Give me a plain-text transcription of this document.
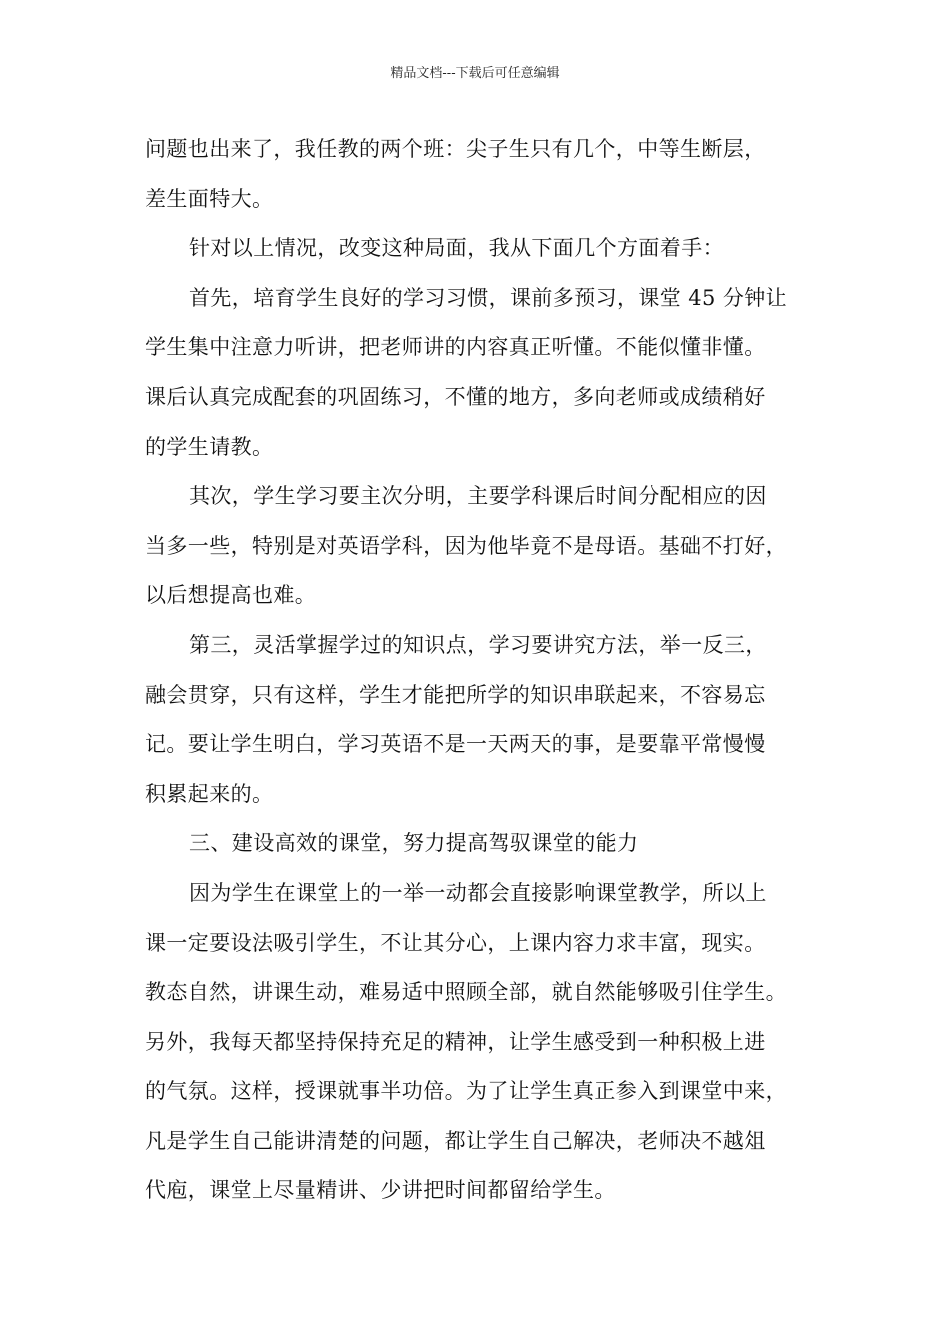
精品文档---下载后可任意编辑
问题也出来了，我任教的两个班：尖子生只有几个，中等生断层，
差生面特大。
针对以上情况，改变这种局面，我从下面几个方面着手：
首先，培育学生良好的学习习惯，课前多预习，课堂 45 分钟让
学生集中注意力听讲，把老师讲的内容真正听懂。不能似懂非懂。
课后认真完成配套的巩固练习，不懂的地方，多向老师或成绩稍好
的学生请教。
其次，学生学习要主次分明，主要学科课后时间分配相应的因
当多一些，特别是对英语学科，因为他毕竟不是母语。基础不打好，
以后想提高也难。
第三，灵活掌握学过的知识点，学习要讲究方法，举一反三，
融会贯穿，只有这样，学生才能把所学的知识串联起来，不容易忘
记。要让学生明白，学习英语不是一天两天的事，是要靠平常慢慢
积累起来的。
三、建设高效的课堂，努力提高驾驭课堂的能力
因为学生在课堂上的一举一动都会直接影响课堂教学，所以上
课一定要设法吸引学生，不让其分心，上课内容力求丰富，现实。
教态自然，讲课生动，难易适中照顾全部，就自然能够吸引住学生。
另外，我每天都坚持保持充足的精神，让学生感受到一种积极上进
的气氛。这样，授课就事半功倍。为了让学生真正参入到课堂中来，
凡是学生自己能讲清楚的问题，都让学生自己解决，老师决不越俎
代庖，课堂上尽量精讲、少讲把时间都留给学生。
